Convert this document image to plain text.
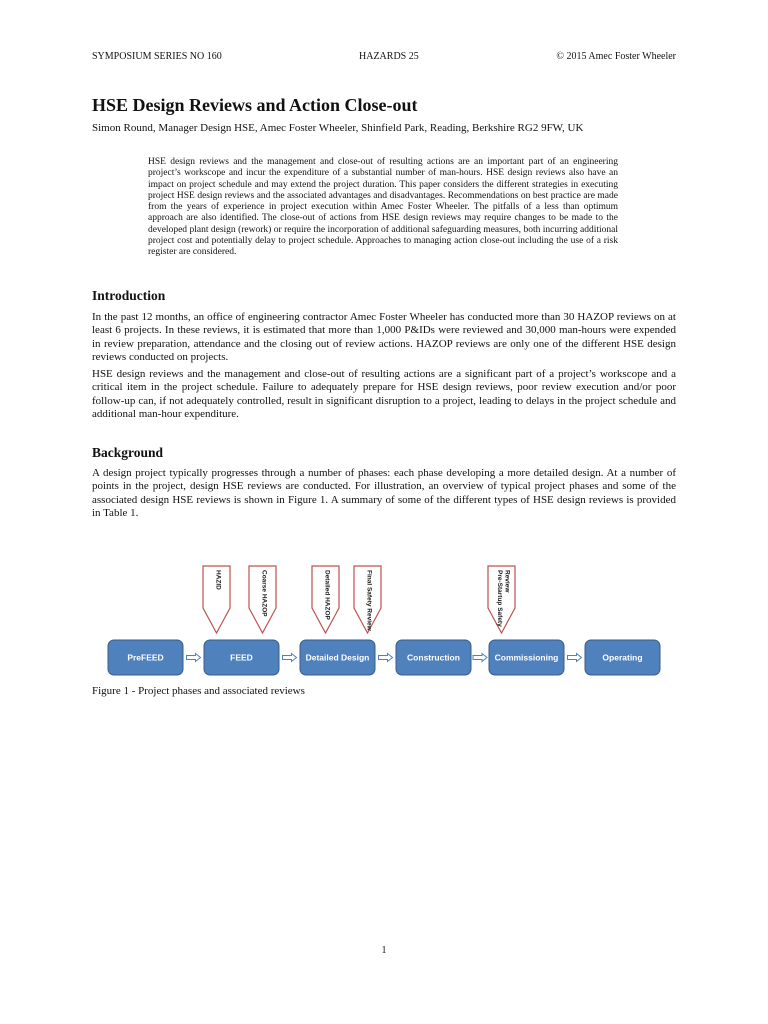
SYMPOSIUM SERIES NO 160	HAZARDS 25	© 2015 Amec Foster Wheeler
HSE Design Reviews and Action Close-out

Simon Round, Manager Design HSE, Amec Foster Wheeler, Shinfield Park, Reading, Berkshire RG2 9FW, UK

HSE design reviews and the management and close-out of resulting actions are an important part of an engineering project’s workscope and incur the expenditure of a substantial number of man-hours. HSE design reviews also have an impact on project schedule and may extend the project duration. This paper considers the different strategies in executing project HSE design reviews and the associated advantages and disadvantages. Recommendations on best practice are made from the years of experience in project execution within Amec Foster Wheeler. The pitfalls of a less than optimum approach are also identified. The close-out of actions from HSE design reviews may require changes to be made to the developed plant design (rework) or require the incorporation of additional safeguarding measures, both incurring additional project cost and potentially delay to project schedule. Approaches to managing action close-out including the use of a risk register are considered.

Introduction

In the past 12 months, an office of engineering contractor Amec Foster Wheeler has conducted more than 30 HAZOP reviews on at least 6 projects. In these reviews, it is estimated that more than 1,000 P&IDs were reviewed and 30,000 man-hours were expended in review preparation, attendance and the closing out of review actions. HAZOP reviews are only one of the different HSE design reviews conducted on projects.

HSE design reviews and the management and close-out of resulting actions are a significant part of a project’s workscope and a critical item in the project schedule. Failure to adequately prepare for HSE design reviews, poor review execution and/or poor follow-up can, if not adequately controlled, result in significant disruption to a project, leading to delays in the project schedule and additional man-hour expenditure.

Background

A design project typically progresses through a number of phases: each phase developing a more detailed design. At a number of points in the project, design HSE reviews are conducted. For illustration, an overview of typical project phases and some of the associated design HSE reviews is shown in Figure 1. A summary of some of the different types of HSE design reviews is provided in Table 1.

PreFEED	FEED	Detailed Design	Construction	Commissioning	Operating
HAZID	Coarse HAZOP	Detailed HAZOP	Final Safety Review	Pre-Startup SafetyReview

Figure 1 - Project phases and associated reviews

1
